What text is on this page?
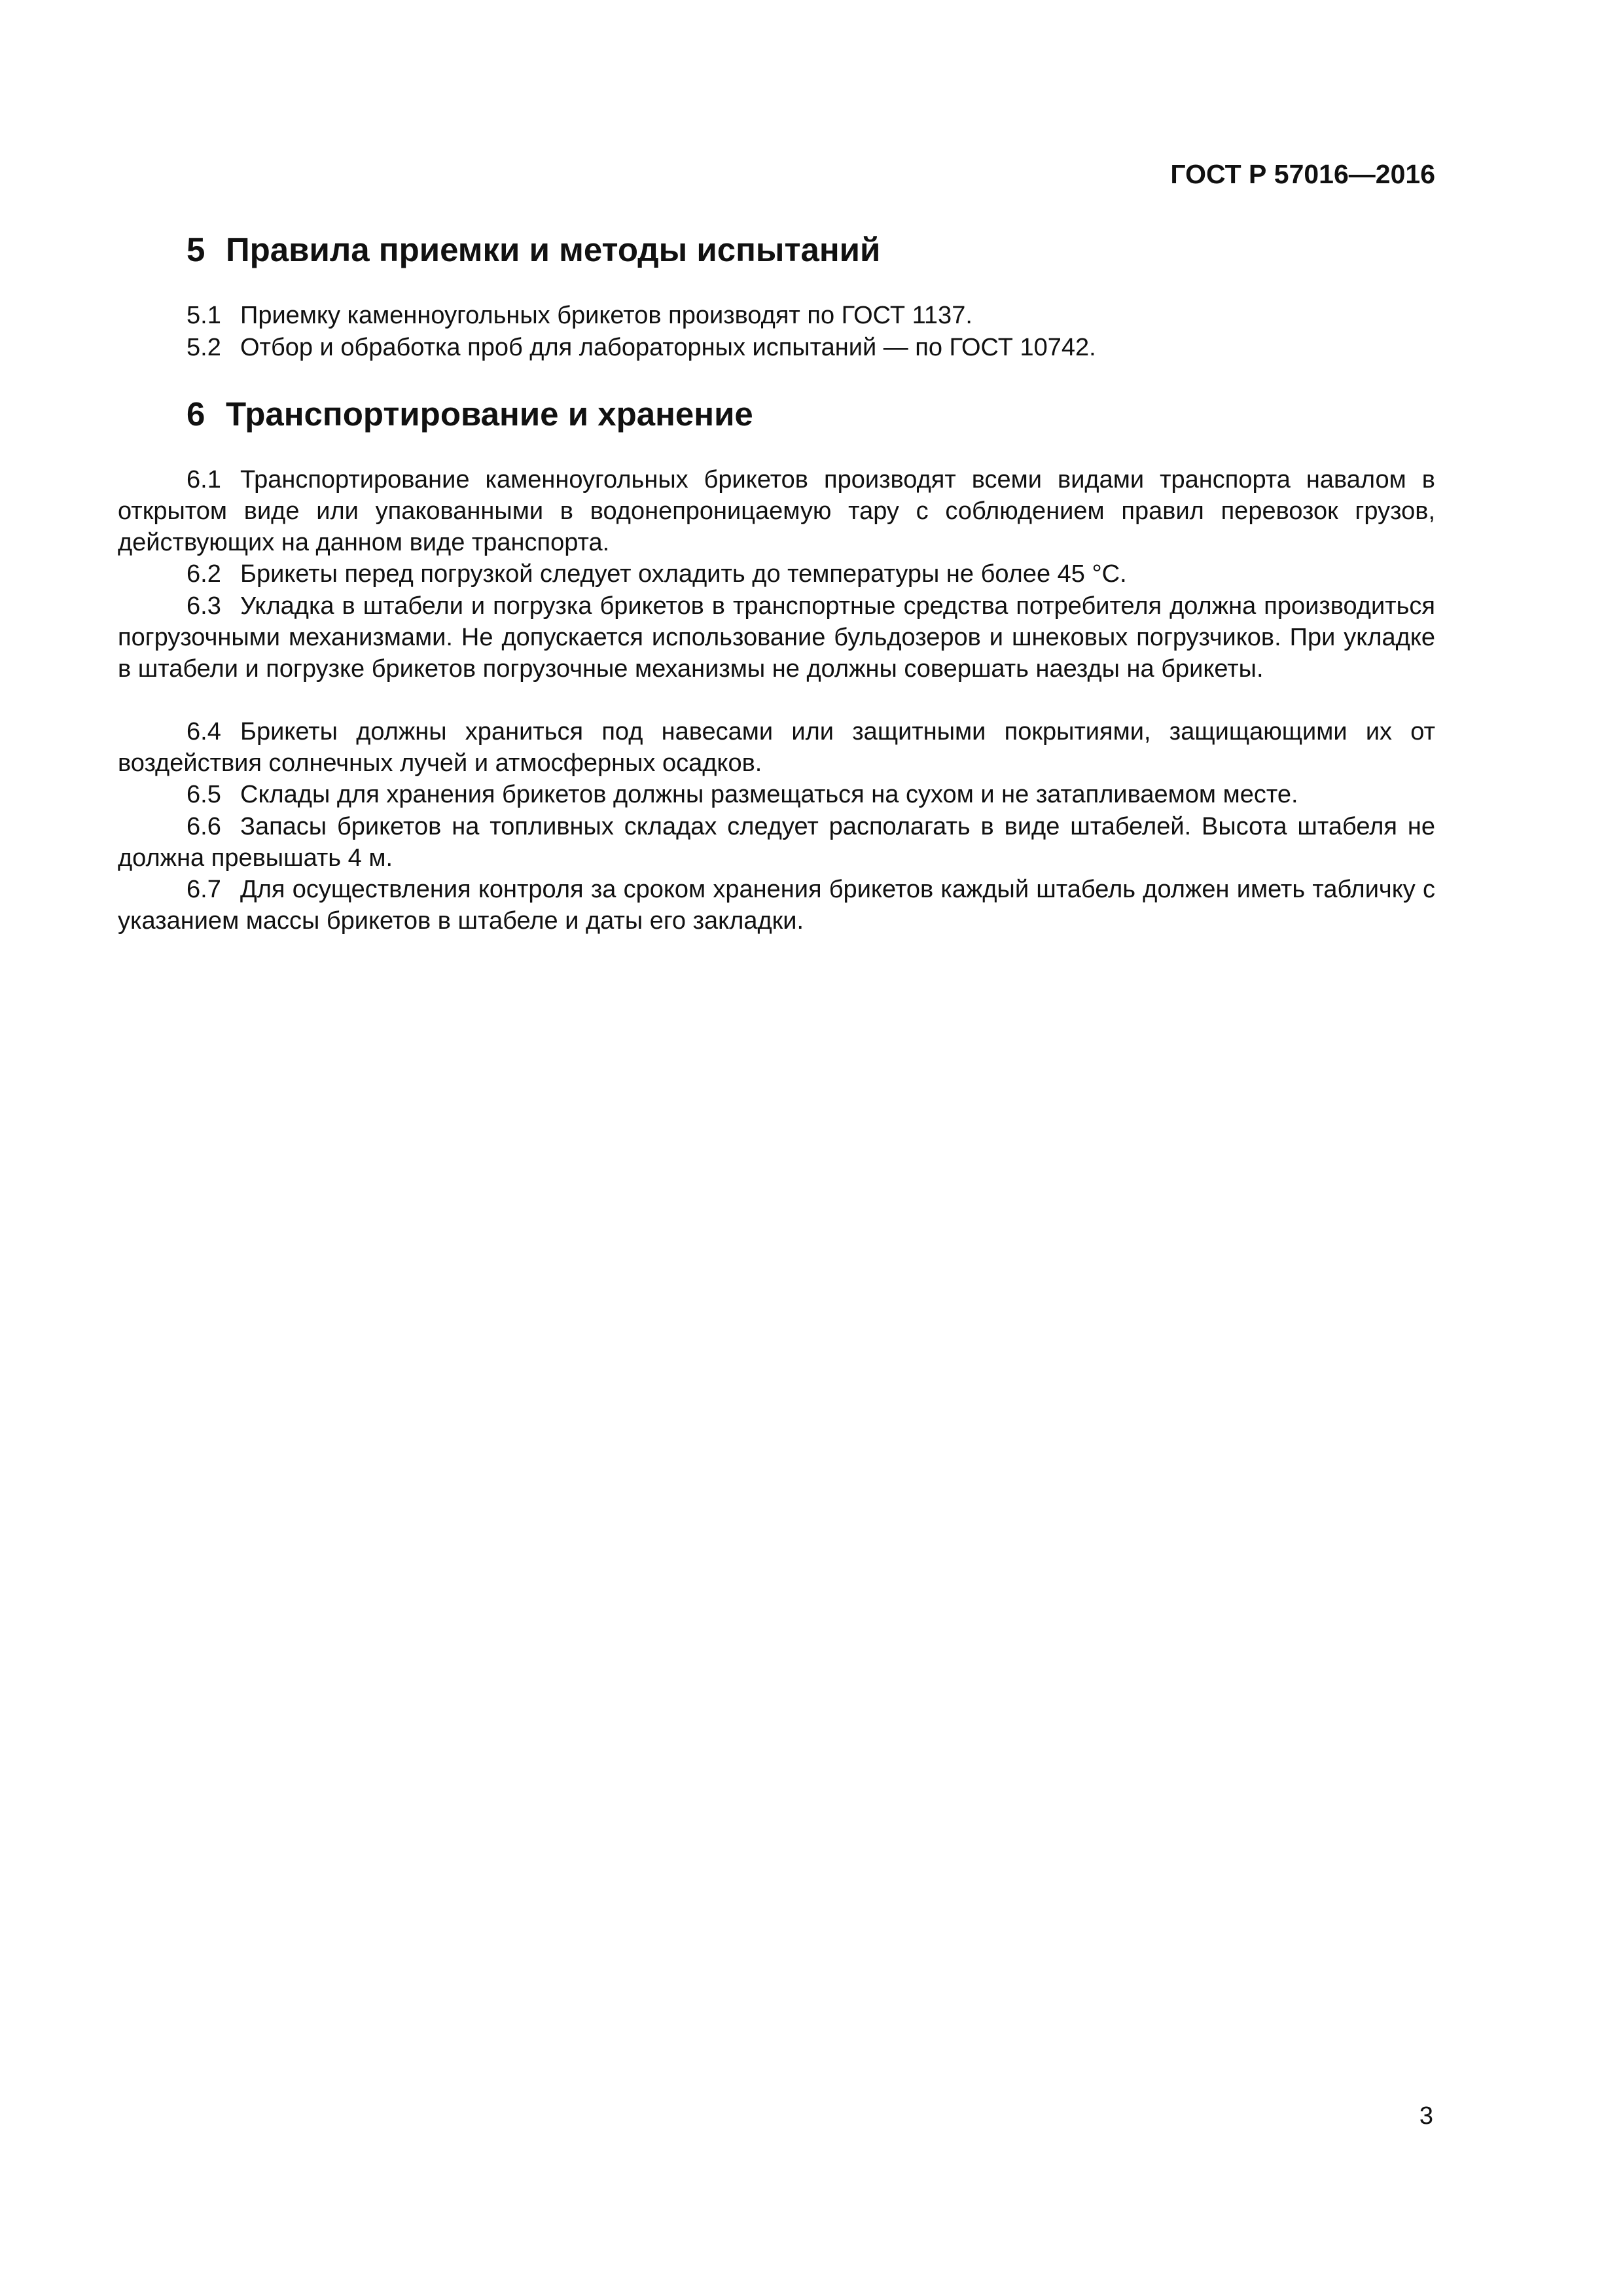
ГОСТ Р 57016—2016
5 Правила приемки и методы испытаний
5.1 Приемку каменноугольных брикетов производят по ГОСТ 1137.
5.2 Отбор и обработка проб для лабораторных испытаний — по ГОСТ 10742.
6 Транспортирование и хранение
6.1 Транспортирование каменноугольных брикетов производят всеми видами транспорта навалом в открытом виде или упакованными в водонепроницаемую тару с соблюдением правил перевозок грузов, действующих на данном виде транспорта.
6.2 Брикеты перед погрузкой следует охладить до температуры не более 45 °С.
6.3 Укладка в штабели и погрузка брикетов в транспортные средства потребителя должна производиться погрузочными механизмами. Не допускается использование бульдозеров и шнековых погрузчиков. При укладке в штабели и погрузке брикетов погрузочные механизмы не должны совершать наезды на брикеты.
6.4 Брикеты должны храниться под навесами или защитными покрытиями, защищающими их от воздействия солнечных лучей и атмосферных осадков.
6.5 Склады для хранения брикетов должны размещаться на сухом и не затапливаемом месте.
6.6 Запасы брикетов на топливных складах следует располагать в виде штабелей. Высота штабеля не должна превышать 4 м.
6.7 Для осуществления контроля за сроком хранения брикетов каждый штабель должен иметь табличку с указанием массы брикетов в штабеле и даты его закладки.
3
